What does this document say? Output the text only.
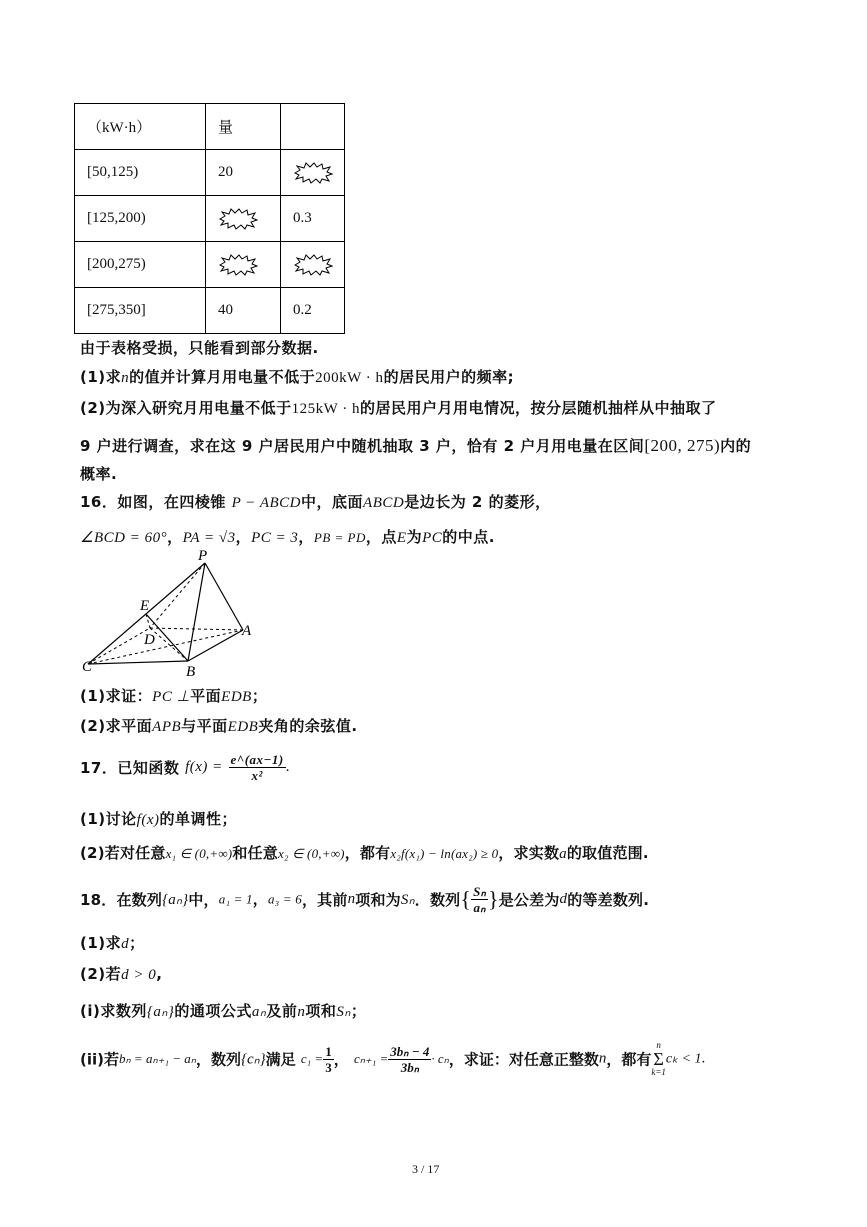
（kW·h）	量	
[50,125)	20	

[125,200)		0.3
[200,275)	

[275,350]	40	0.2
由于表格受损，只能看到部分数据.
(1)求n的值并计算月用电量不低于200kW · h的居民用户的频率;
(2)为深入研究月用电量不低于125kW · h的居民用户月用电情况，按分层随机抽样从中抽取了
9 户进行调查，求在这 9 户居民用户中随机抽取 3 户，恰有 2 户月用电量在区间[200, 275)内的
概率.
16．如图，在四棱锥 P − ABCD中，底面ABCD是边长为 2 的菱形，
∠BCD = 60°，PA = √3，PC = 3，PB = PD，点E为PC的中点.
P
E
D
A
C	B
(1)求证：PC ⊥平面EDB；
(2)求平面APB与平面EDB夹角的余弦值.
17．已知函数 $f(x) = \frac{e\^{}(ax-1)}{\text{x²}}$ .
(1)讨论f(x)的单调性；
(2)若对任意x₁ ∈ (0,+∞)和任意x₂ ∈ (0,+∞)，都有x₂f(x₁) − ln(ax₂) ≥ 0，求实数a的取值范围.
18．在数列{aₙ}中，a₁ = 1，a₃ = 6，其前n项和为Sₙ．数列{ $\frac{\text{Sₙ}}{\text{aₙ}}$ }是公差为d的等差数列.
(1)求d；
(2)若d > 0,
(i)求数列{aₙ}的通项公式aₙ及前n项和Sₙ；
(ii)若bₙ = aₙ₊₁ − aₙ，数列{cₙ}满足 $c_1 = \frac{1}{3}$ ， $c_{n+1} = \frac{\text{3bₙ − 4}}{\text{3bₙ}} \cdot c_n$，求证：对任意正整数n，都有
n
Σ
k=1
cₖ < 1.
3 / 17
